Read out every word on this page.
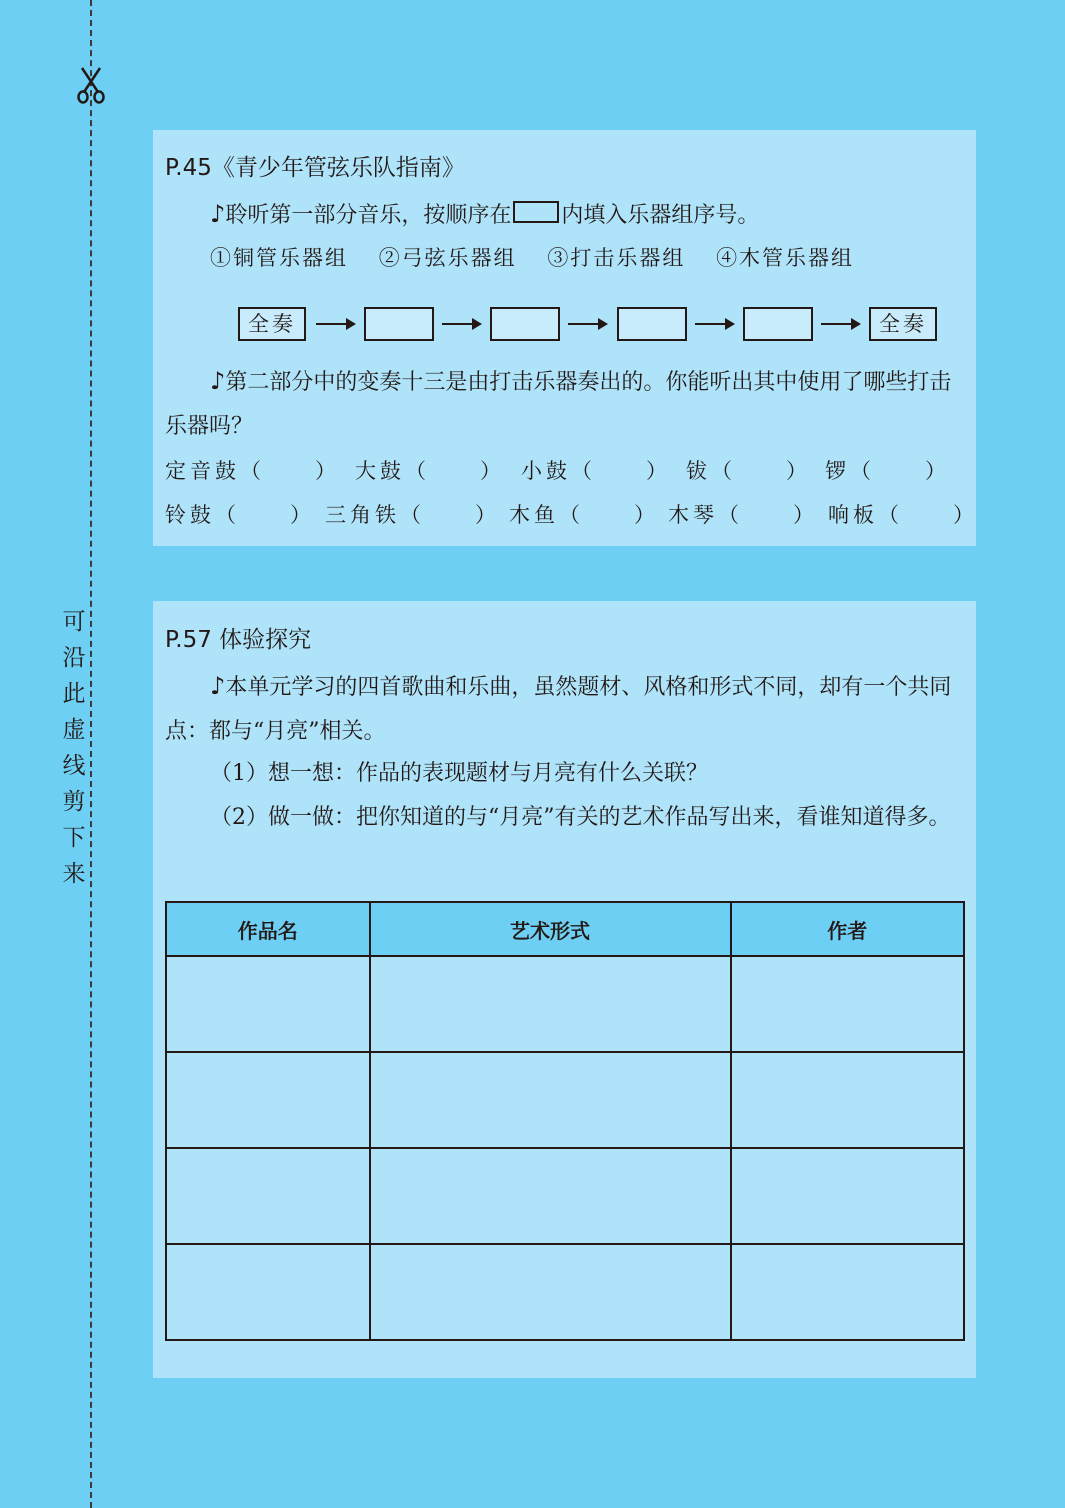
可
沿
此
虚
线
剪
下
来
P.45《青少年管弦乐队指南》
♪聆听第一部分音乐，按顺序在 内填入乐器组序号。
①铜管乐器组 ②弓弦乐器组 ③打击乐器组 ④木管乐器组
全奏	全奏
♪第二部分中的变奏十三是由打击乐器奏出的。你能听出其中使用了哪些打击乐器吗？
定音鼓（　　） 大鼓（　　） 小鼓（　　） 钹（　　） 锣（　　）
铃鼓（　　） 三角铁（　　） 木鱼（　　） 木琴（　　） 响板（　　）
P.57 体验探究
♪本单元学习的四首歌曲和乐曲，虽然题材、风格和形式不同，却有一个共同点：都与“月亮”相关。
（1）想一想：作品的表现题材与月亮有什么关联？
（2）做一做：把你知道的与“月亮”有关的艺术作品写出来，看谁知道得多。
作品名	艺术形式	作者
